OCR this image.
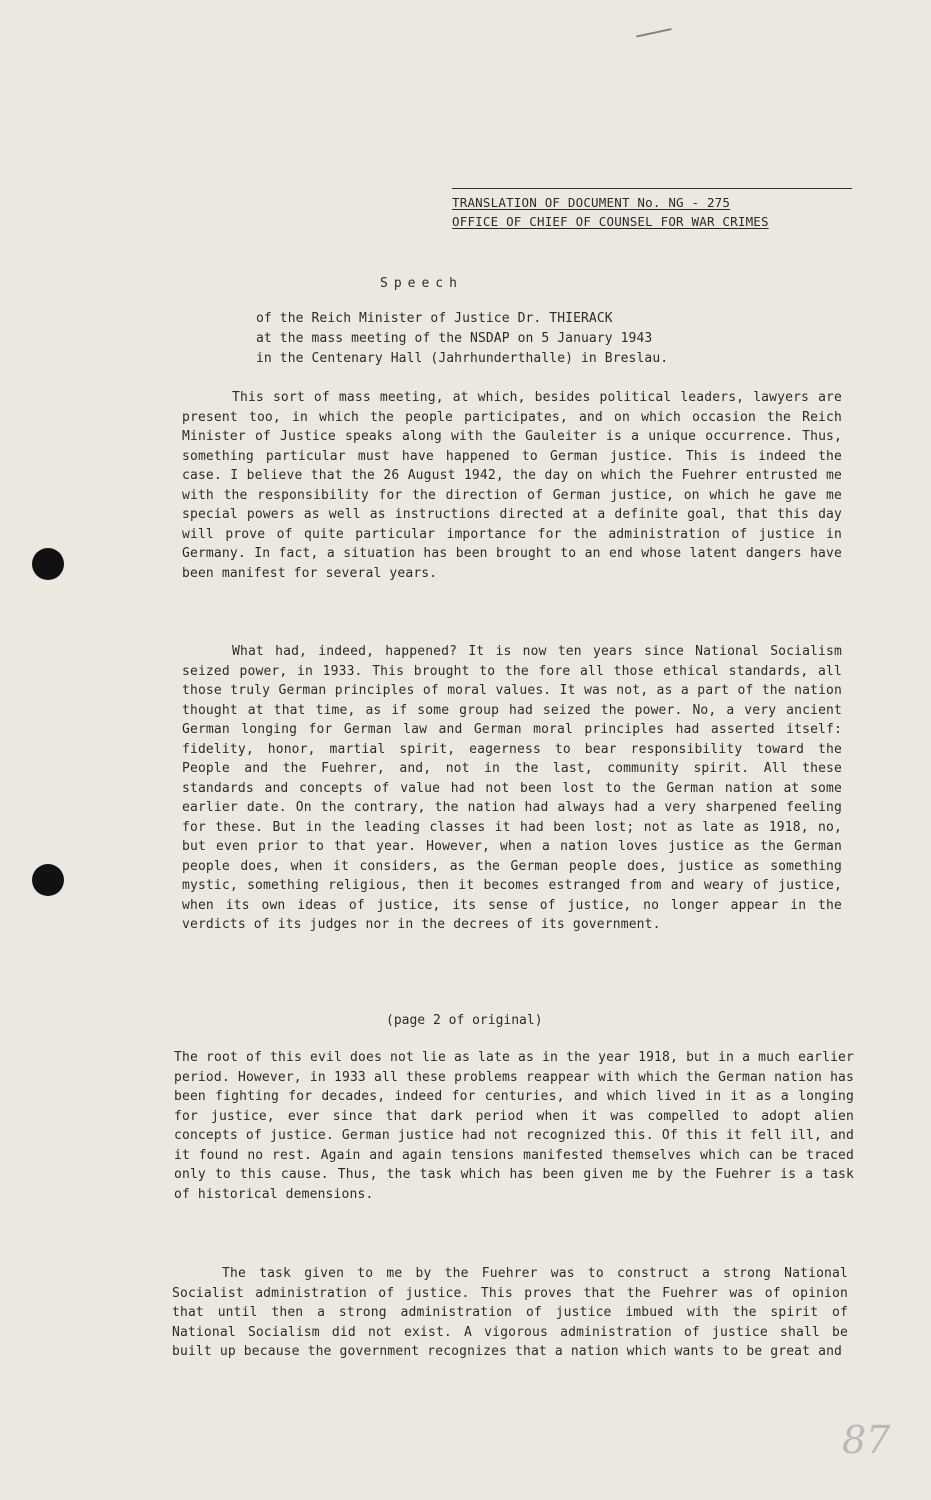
TRANSLATION OF DOCUMENT No. NG - 275
OFFICE OF CHIEF OF COUNSEL FOR WAR CRIMES
Speech
of the Reich Minister of Justice Dr. THIERACK
at the mass meeting of the NSDAP on 5 January 1943
in the Centenary Hall (Jahrhunderthalle) in Breslau.

This sort of mass meeting, at which, besides political leaders, lawyers are present too, in which the people participates, and on which occasion the Reich Minister of Justice speaks along with the Gauleiter is a unique occurrence. Thus, something particular must have happened to German justice. This is indeed the case. I believe that the 26 August 1942, the day on which the Fuehrer entrusted me with the responsibility for the direction of German justice, on which he gave me special powers as well as instructions directed at a definite goal, that this day will prove of quite particular importance for the administration of justice in Germany. In fact, a situation has been brought to an end whose latent dangers have been manifest for several years.

What had, indeed, happened? It is now ten years since National Socialism seized power, in 1933. This brought to the fore all those ethical standards, all those truly German principles of moral values. It was not, as a part of the nation thought at that time, as if some group had seized the power. No, a very ancient German longing for German law and German moral principles had asserted itself: fidelity, honor, martial spirit, eagerness to bear responsibility toward the People and the Fuehrer, and, not in the last, community spirit. All these standards and concepts of value had not been lost to the German nation at some earlier date. On the contrary, the nation had always had a very sharpened feeling for these. But in the leading classes it had been lost; not as late as 1918, no, but even prior to that year. However, when a nation loves justice as the German people does, when it considers, as the German people does, justice as something mystic, something religious, then it becomes estranged from and weary of justice, when its own ideas of justice, its sense of justice, no longer appear in the verdicts of its judges nor in the decrees of its government.

(page 2 of original)

The root of this evil does not lie as late as in the year 1918, but in a much earlier period. However, in 1933 all these problems reappear with which the German nation has been fighting for decades, indeed for centuries, and which lived in it as a longing for justice, ever since that dark period when it was compelled to adopt alien concepts of justice. German justice had not recognized this. Of this it fell ill, and it found no rest. Again and again tensions manifested themselves which can be traced only to this cause. Thus, the task which has been given me by the Fuehrer is a task of historical demensions.

The task given to me by the Fuehrer was to construct a strong National Socialist administration of justice. This proves that the Fuehrer was of opinion that until then a strong administration of justice imbued with the spirit of National Socialism did not exist. A vigorous administration of justice shall be built up because the government recognizes that a nation which wants to be great and

87
